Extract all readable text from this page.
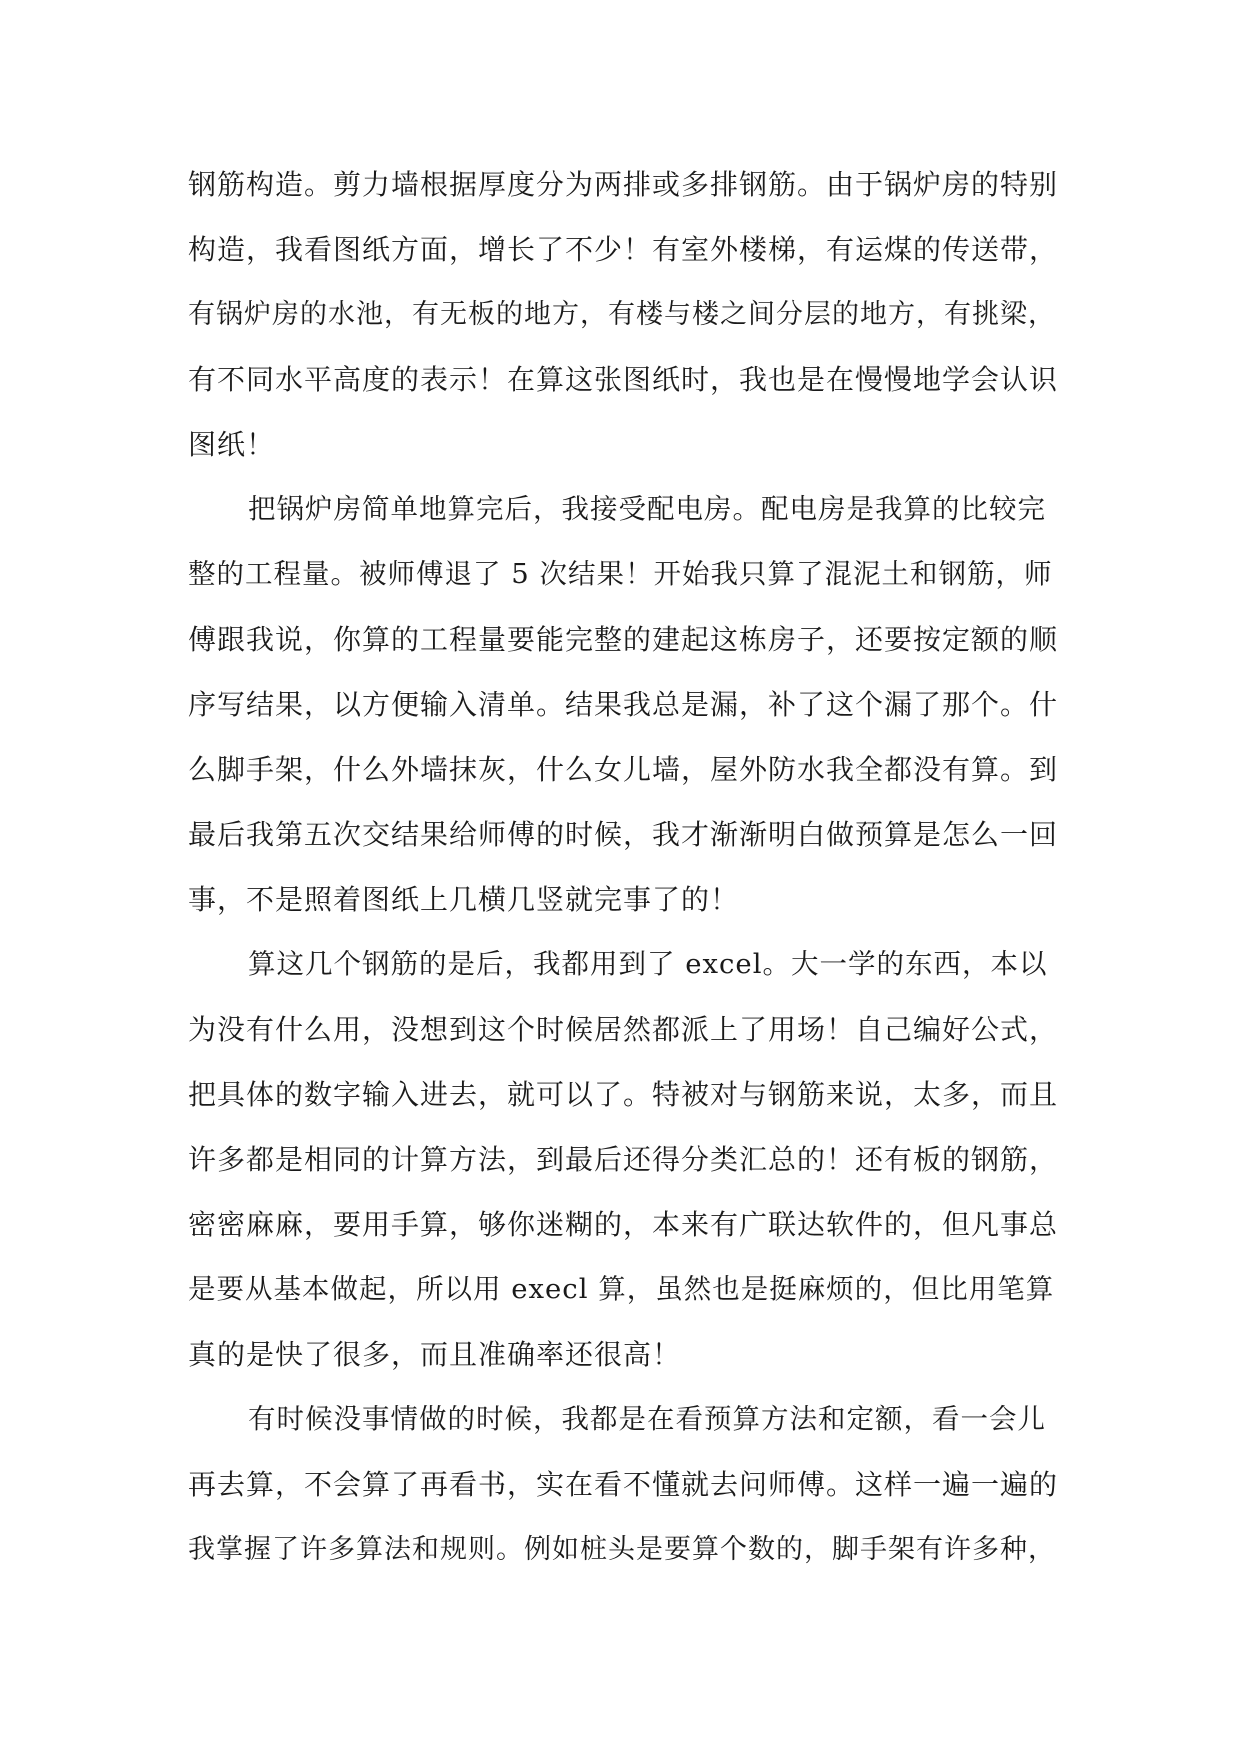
钢筋构造。剪力墙根据厚度分为两排或多排钢筋。由于锅炉房的特别
构造，我看图纸方面，增长了不少！有室外楼梯，有运煤的传送带，
有锅炉房的水池，有无板的地方，有楼与楼之间分层的地方，有挑梁，
有不同水平高度的表示！在算这张图纸时，我也是在慢慢地学会认识
图纸！
把锅炉房简单地算完后，我接受配电房。配电房是我算的比较完
整的工程量。被师傅退了 5 次结果！开始我只算了混泥土和钢筋，师
傅跟我说，你算的工程量要能完整的建起这栋房子，还要按定额的顺
序写结果，以方便输入清单。结果我总是漏，补了这个漏了那个。什
么脚手架，什么外墙抹灰，什么女儿墙，屋外防水我全都没有算。到
最后我第五次交结果给师傅的时候，我才渐渐明白做预算是怎么一回
事，不是照着图纸上几横几竖就完事了的！
算这几个钢筋的是后，我都用到了 excel。大一学的东西，本以
为没有什么用，没想到这个时候居然都派上了用场！自己编好公式，
把具体的数字输入进去，就可以了。特被对与钢筋来说，太多，而且
许多都是相同的计算方法，到最后还得分类汇总的！还有板的钢筋，
密密麻麻，要用手算，够你迷糊的，本来有广联达软件的，但凡事总
是要从基本做起，所以用 execl 算，虽然也是挺麻烦的，但比用笔算
真的是快了很多，而且准确率还很高！
有时候没事情做的时候，我都是在看预算方法和定额，看一会儿
再去算，不会算了再看书，实在看不懂就去问师傅。这样一遍一遍的
我掌握了许多算法和规则。例如桩头是要算个数的，脚手架有许多种，
